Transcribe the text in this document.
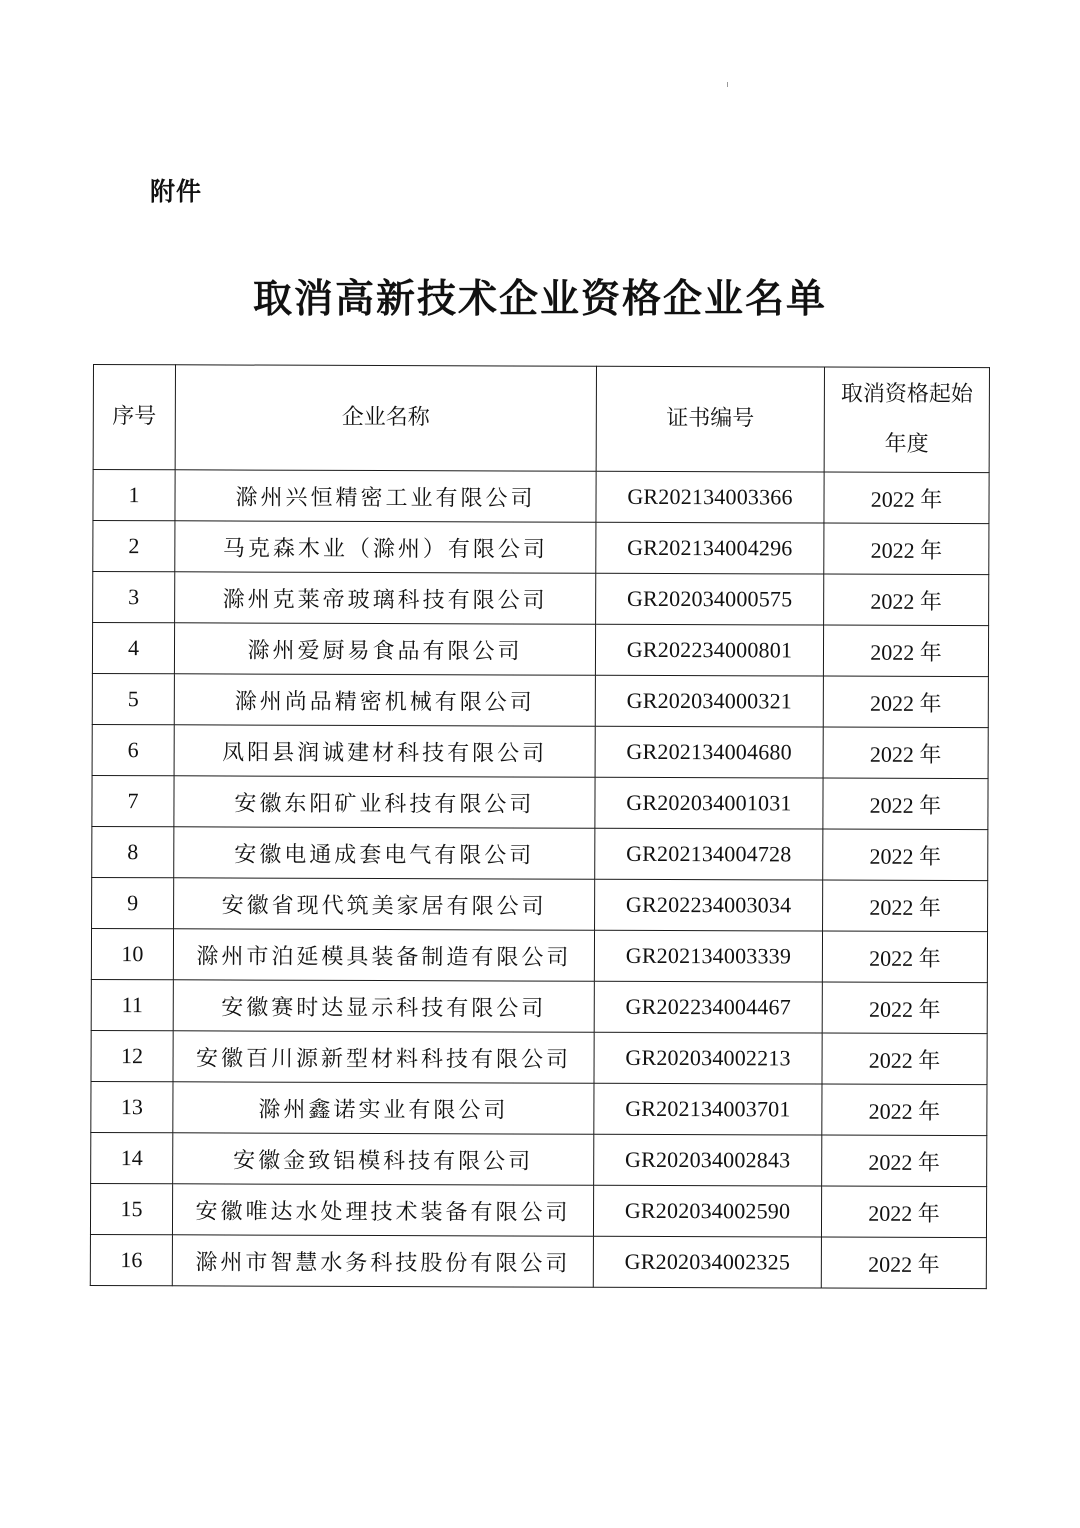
附件
取消高新技术企业资格企业名单
序号	企业名称	证书编号	取消资格起始
年度

1	滁州兴恒精密工业有限公司	GR202134003366	2022 年
2	马克森木业（滁州）有限公司	GR202134004296	2022 年
3	滁州克莱帝玻璃科技有限公司	GR202034000575	2022 年
4	滁州爱厨易食品有限公司	GR202234000801	2022 年
5	滁州尚品精密机械有限公司	GR202034000321	2022 年
6	凤阳县润诚建材科技有限公司	GR202134004680	2022 年
7	安徽东阳矿业科技有限公司	GR202034001031	2022 年
8	安徽电通成套电气有限公司	GR202134004728	2022 年
9	安徽省现代筑美家居有限公司	GR202234003034	2022 年
10	滁州市泊延模具装备制造有限公司	GR202134003339	2022 年
11	安徽赛时达显示科技有限公司	GR202234004467	2022 年
12	安徽百川源新型材料科技有限公司	GR202034002213	2022 年
13	滁州鑫诺实业有限公司	GR202134003701	2022 年
14	安徽金致铝模科技有限公司	GR202034002843	2022 年
15	安徽唯达水处理技术装备有限公司	GR202034002590	2022 年
16	滁州市智慧水务科技股份有限公司	GR202034002325	2022 年
